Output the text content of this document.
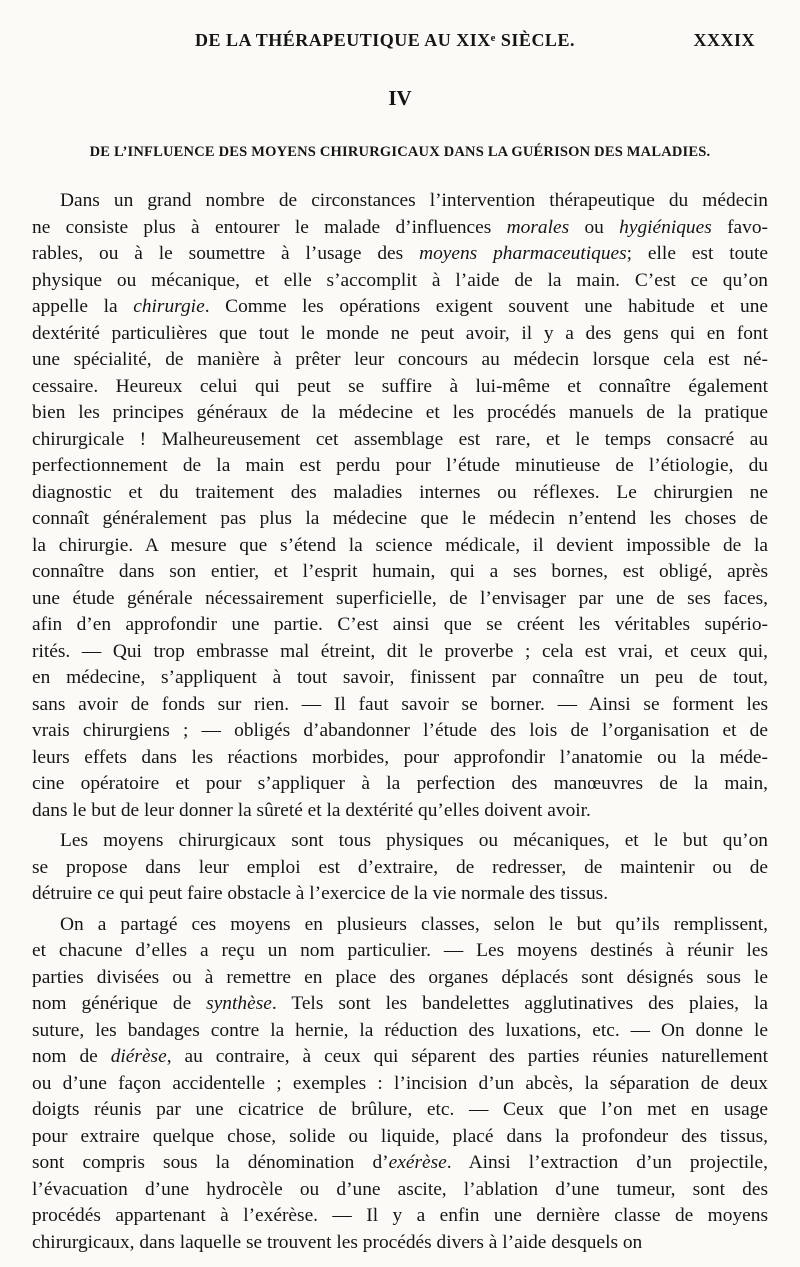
DE LA THÉRAPEUTIQUE AU XIXᵉ SIÈCLE.	XXXIX
IV
DE L’INFLUENCE DES MOYENS CHIRURGICAUX DANS LA GUÉRISON DES MALADIES.
Dans un grand nombre de circonstances l’intervention thérapeutique du médecin
ne consiste plus à entourer le malade d’influences morales ou hygiéniques favo-
rables, ou à le soumettre à l’usage des moyens pharmaceutiques; elle est toute
physique ou mécanique, et elle s’accomplit à l’aide de la main. C’est ce qu’on
appelle la chirurgie. Comme les opérations exigent souvent une habitude et une
dextérité particulières que tout le monde ne peut avoir, il y a des gens qui en font
une spécialité, de manière à prêter leur concours au médecin lorsque cela est né-
cessaire. Heureux celui qui peut se suffire à lui-même et connaître également
bien les principes généraux de la médecine et les procédés manuels de la pratique
chirurgicale ! Malheureusement cet assemblage est rare, et le temps consacré au
perfectionnement de la main est perdu pour l’étude minutieuse de l’étiologie, du
diagnostic et du traitement des maladies internes ou réflexes. Le chirurgien ne
connaît généralement pas plus la médecine que le médecin n’entend les choses de
la chirurgie. A mesure que s’étend la science médicale, il devient impossible de la
connaître dans son entier, et l’esprit humain, qui a ses bornes, est obligé, après
une étude générale nécessairement superficielle, de l’envisager par une de ses faces,
afin d’en approfondir une partie. C’est ainsi que se créent les véritables supério-
rités. — Qui trop embrasse mal étreint, dit le proverbe ; cela est vrai, et ceux qui,
en médecine, s’appliquent à tout savoir, finissent par connaître un peu de tout,
sans avoir de fonds sur rien. — Il faut savoir se borner. — Ainsi se forment les
vrais chirurgiens ; — obligés d’abandonner l’étude des lois de l’organisation et de
leurs effets dans les réactions morbides, pour approfondir l’anatomie ou la méde-
cine opératoire et pour s’appliquer à la perfection des manœuvres de la main,
dans le but de leur donner la sûreté et la dextérité qu’elles doivent avoir.
Les moyens chirurgicaux sont tous physiques ou mécaniques, et le but qu’on
se propose dans leur emploi est d’extraire, de redresser, de maintenir ou de
détruire ce qui peut faire obstacle à l’exercice de la vie normale des tissus.
On a partagé ces moyens en plusieurs classes, selon le but qu’ils remplissent,
et chacune d’elles a reçu un nom particulier. — Les moyens destinés à réunir les
parties divisées ou à remettre en place des organes déplacés sont désignés sous le
nom générique de synthèse. Tels sont les bandelettes agglutinatives des plaies, la
suture, les bandages contre la hernie, la réduction des luxations, etc. — On donne le
nom de diérèse, au contraire, à ceux qui séparent des parties réunies naturellement
ou d’une façon accidentelle ; exemples : l’incision d’un abcès, la séparation de deux
doigts réunis par une cicatrice de brûlure, etc. — Ceux que l’on met en usage
pour extraire quelque chose, solide ou liquide, placé dans la profondeur des tissus,
sont compris sous la dénomination d’exérèse. Ainsi l’extraction d’un projectile,
l’évacuation d’une hydrocèle ou d’une ascite, l’ablation d’une tumeur, sont des
procédés appartenant à l’exérèse. — Il y a enfin une dernière classe de moyens
chirurgicaux, dans laquelle se trouvent les procédés divers à l’aide desquels on
